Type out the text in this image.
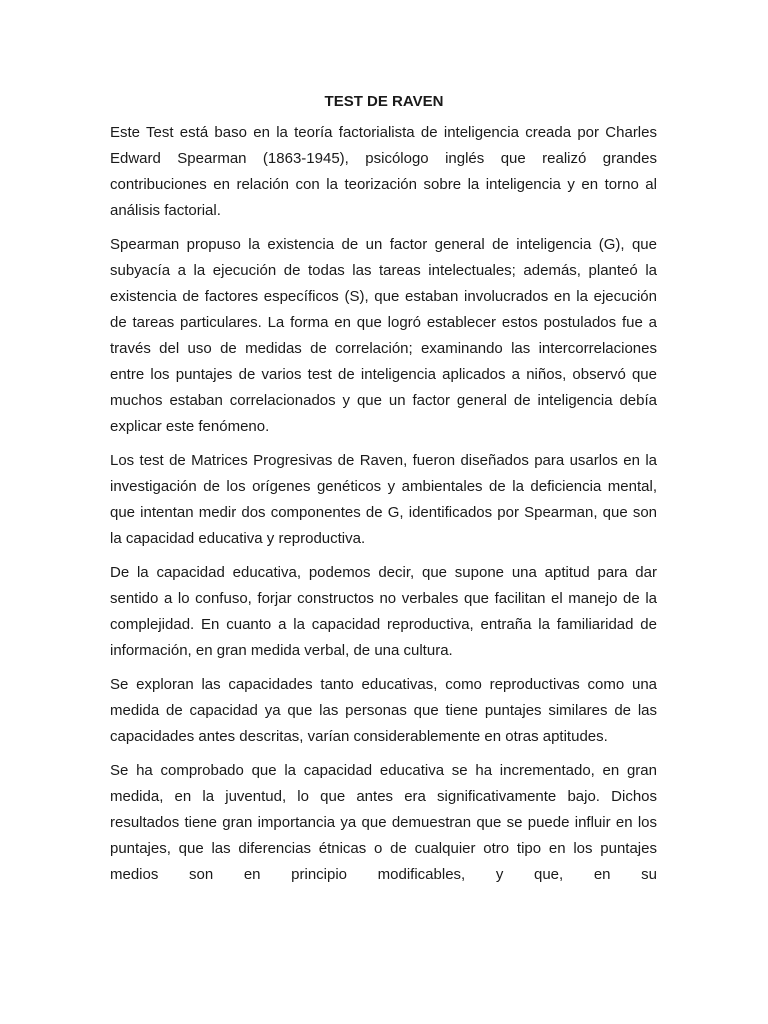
TEST DE RAVEN

Este Test está baso en la teoría factorialista de inteligencia creada por Charles Edward Spearman (1863-1945), psicólogo inglés que realizó grandes contribuciones en relación con la teorización sobre la inteligencia y en torno al análisis factorial.

Spearman propuso la existencia de un factor general de inteligencia (G), que subyacía a la ejecución de todas las tareas intelectuales; además, planteó la existencia de factores específicos (S), que estaban involucrados en la ejecución de tareas particulares. La forma en que logró establecer estos postulados fue a través del uso de medidas de correlación; examinando las intercorrelaciones entre los puntajes de varios test de inteligencia aplicados a niños, observó que muchos estaban correlacionados y que un factor general de inteligencia debía explicar este fenómeno.

Los test de Matrices Progresivas de Raven, fueron diseñados para usarlos en la investigación de los orígenes genéticos y ambientales de la deficiencia mental, que intentan medir dos componentes de G, identificados por Spearman, que son la capacidad educativa y reproductiva.

De la capacidad educativa, podemos decir, que supone una aptitud para dar sentido a lo confuso, forjar constructos no verbales que facilitan el manejo de la complejidad. En cuanto a la capacidad reproductiva, entraña la familiaridad de información, en gran medida verbal, de una cultura.

Se exploran las capacidades tanto educativas, como reproductivas como una medida de capacidad ya que las personas que tiene puntajes similares de las capacidades antes descritas, varían considerablemente en otras aptitudes.

Se ha comprobado que la capacidad educativa se ha incrementado, en gran medida, en la juventud, lo que antes era significativamente bajo. Dichos resultados tiene gran importancia ya que demuestran que se puede influir en los puntajes, que las diferencias étnicas o de cualquier otro tipo en los puntajes medios son en principio modificables, y que, en su
